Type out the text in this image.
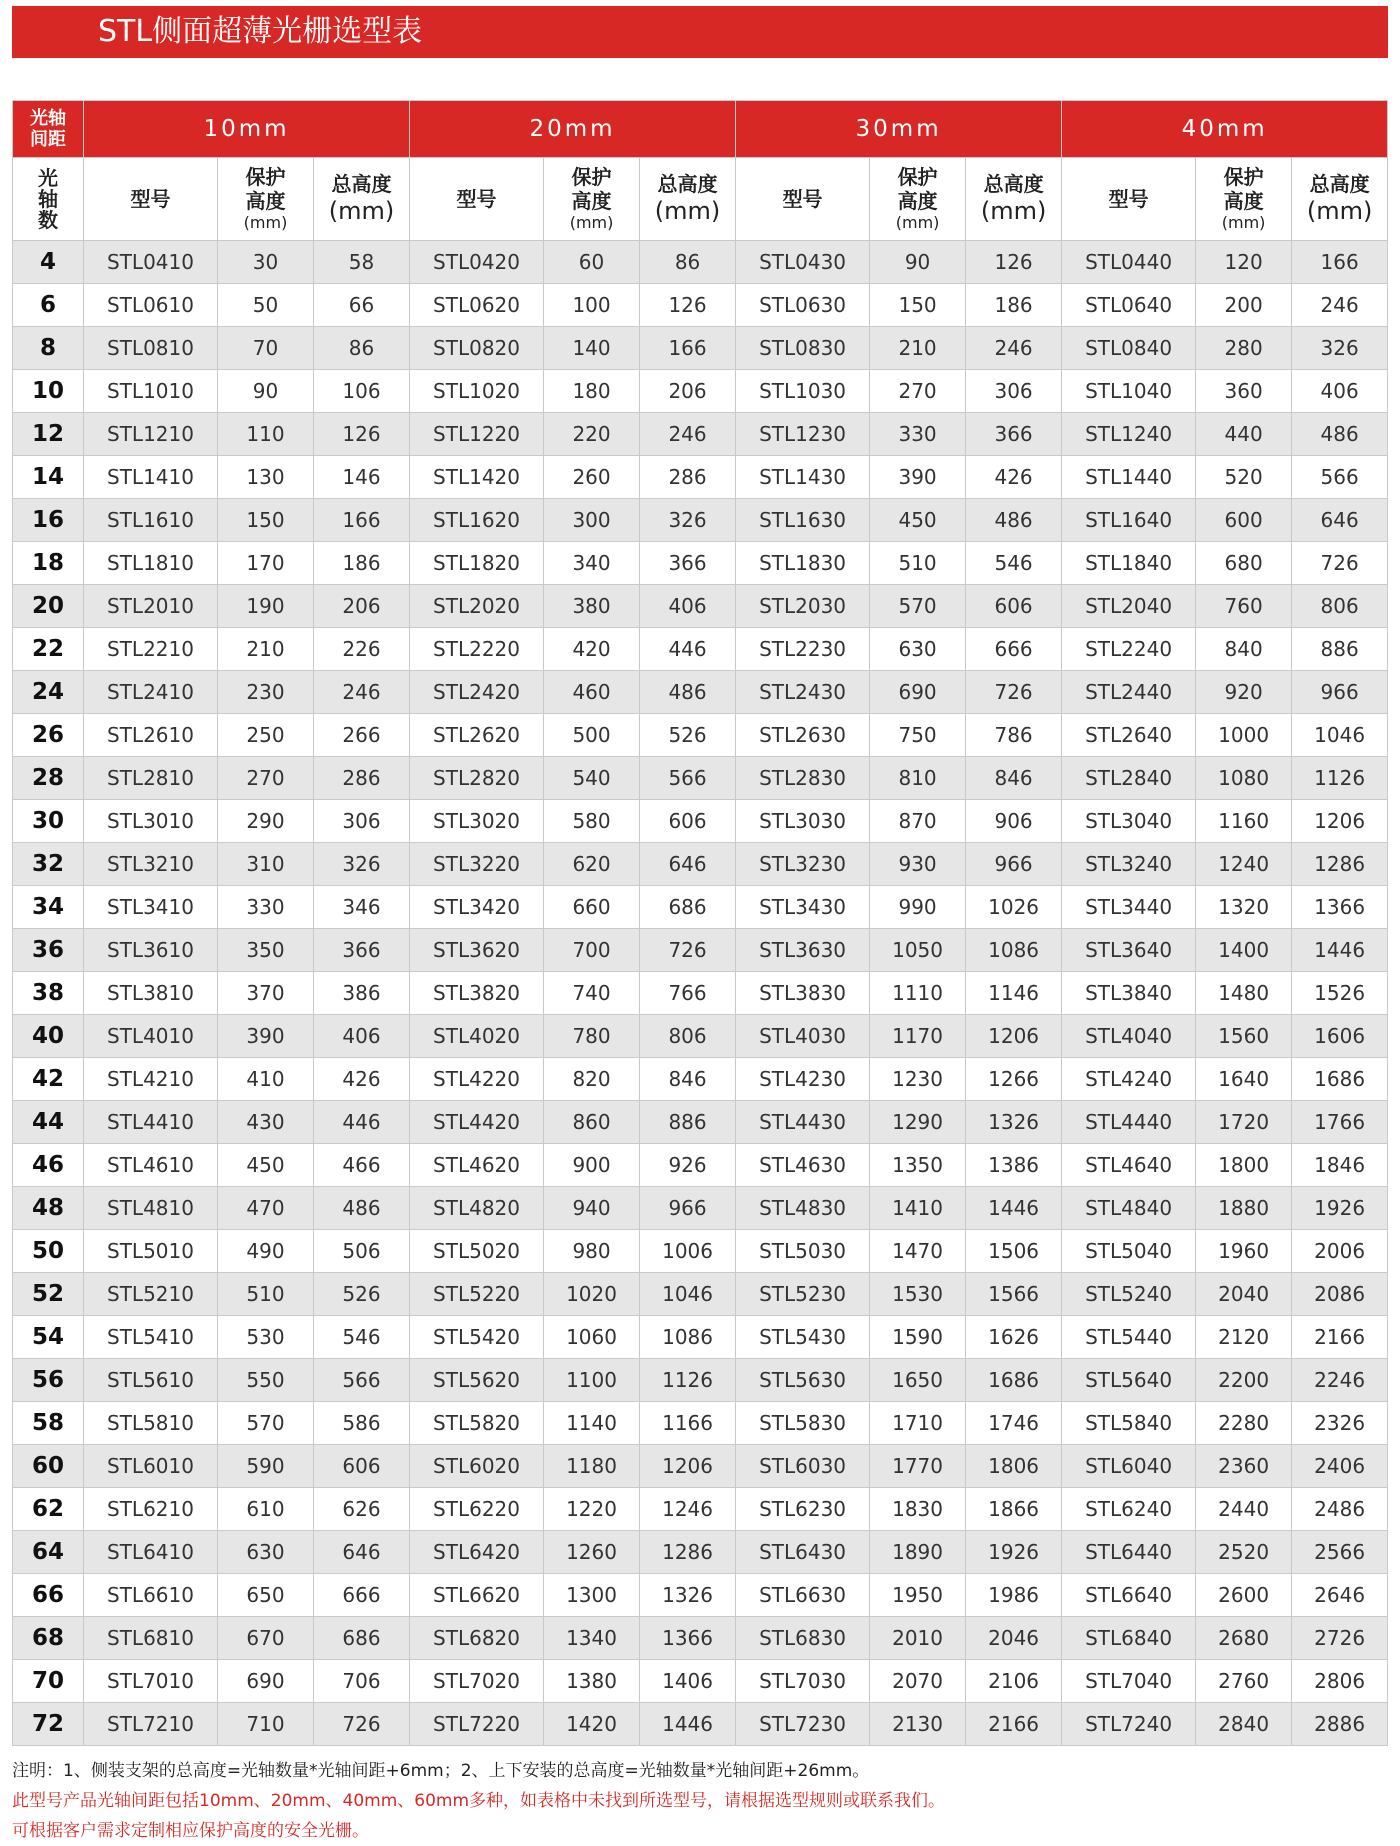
STL侧面超薄光栅选型表
光轴
间距	10mm			20mm			30mm			40mm		
光
轴
数	型号	保护
高度
(mm)	总高度
(mm)	型号	保护
高度
(mm)	总高度
(mm)	型号	保护
高度
(mm)	总高度
(mm)	型号	保护
高度
(mm)	总高度
(mm)

4	STL0410	30	58	STL0420	60	86	STL0430	90	126	STL0440	120	166
6	STL0610	50	66	STL0620	100	126	STL0630	150	186	STL0640	200	246
8	STL0810	70	86	STL0820	140	166	STL0830	210	246	STL0840	280	326
10	STL1010	90	106	STL1020	180	206	STL1030	270	306	STL1040	360	406
12	STL1210	110	126	STL1220	220	246	STL1230	330	366	STL1240	440	486
14	STL1410	130	146	STL1420	260	286	STL1430	390	426	STL1440	520	566
16	STL1610	150	166	STL1620	300	326	STL1630	450	486	STL1640	600	646
18	STL1810	170	186	STL1820	340	366	STL1830	510	546	STL1840	680	726
20	STL2010	190	206	STL2020	380	406	STL2030	570	606	STL2040	760	806
22	STL2210	210	226	STL2220	420	446	STL2230	630	666	STL2240	840	886
24	STL2410	230	246	STL2420	460	486	STL2430	690	726	STL2440	920	966
26	STL2610	250	266	STL2620	500	526	STL2630	750	786	STL2640	1000	1046
28	STL2810	270	286	STL2820	540	566	STL2830	810	846	STL2840	1080	1126
30	STL3010	290	306	STL3020	580	606	STL3030	870	906	STL3040	1160	1206
32	STL3210	310	326	STL3220	620	646	STL3230	930	966	STL3240	1240	1286
34	STL3410	330	346	STL3420	660	686	STL3430	990	1026	STL3440	1320	1366
36	STL3610	350	366	STL3620	700	726	STL3630	1050	1086	STL3640	1400	1446
38	STL3810	370	386	STL3820	740	766	STL3830	1110	1146	STL3840	1480	1526
40	STL4010	390	406	STL4020	780	806	STL4030	1170	1206	STL4040	1560	1606
42	STL4210	410	426	STL4220	820	846	STL4230	1230	1266	STL4240	1640	1686
44	STL4410	430	446	STL4420	860	886	STL4430	1290	1326	STL4440	1720	1766
46	STL4610	450	466	STL4620	900	926	STL4630	1350	1386	STL4640	1800	1846
48	STL4810	470	486	STL4820	940	966	STL4830	1410	1446	STL4840	1880	1926
50	STL5010	490	506	STL5020	980	1006	STL5030	1470	1506	STL5040	1960	2006
52	STL5210	510	526	STL5220	1020	1046	STL5230	1530	1566	STL5240	2040	2086
54	STL5410	530	546	STL5420	1060	1086	STL5430	1590	1626	STL5440	2120	2166
56	STL5610	550	566	STL5620	1100	1126	STL5630	1650	1686	STL5640	2200	2246
58	STL5810	570	586	STL5820	1140	1166	STL5830	1710	1746	STL5840	2280	2326
60	STL6010	590	606	STL6020	1180	1206	STL6030	1770	1806	STL6040	2360	2406
62	STL6210	610	626	STL6220	1220	1246	STL6230	1830	1866	STL6240	2440	2486
64	STL6410	630	646	STL6420	1260	1286	STL6430	1890	1926	STL6440	2520	2566
66	STL6610	650	666	STL6620	1300	1326	STL6630	1950	1986	STL6640	2600	2646
68	STL6810	670	686	STL6820	1340	1366	STL6830	2010	2046	STL6840	2680	2726
70	STL7010	690	706	STL7020	1380	1406	STL7030	2070	2106	STL7040	2760	2806
72	STL7210	710	726	STL7220	1420	1446	STL7230	2130	2166	STL7240	2840	2886
注明：1、侧装支架的总高度=光轴数量*光轴间距+6mm；2、上下安装的总高度=光轴数量*光轴间距+26mm。
此型号产品光轴间距包括10mm、20mm、40mm、60mm多种，如表格中未找到所选型号，请根据选型规则或联系我们。
可根据客户需求定制相应保护高度的安全光栅。
